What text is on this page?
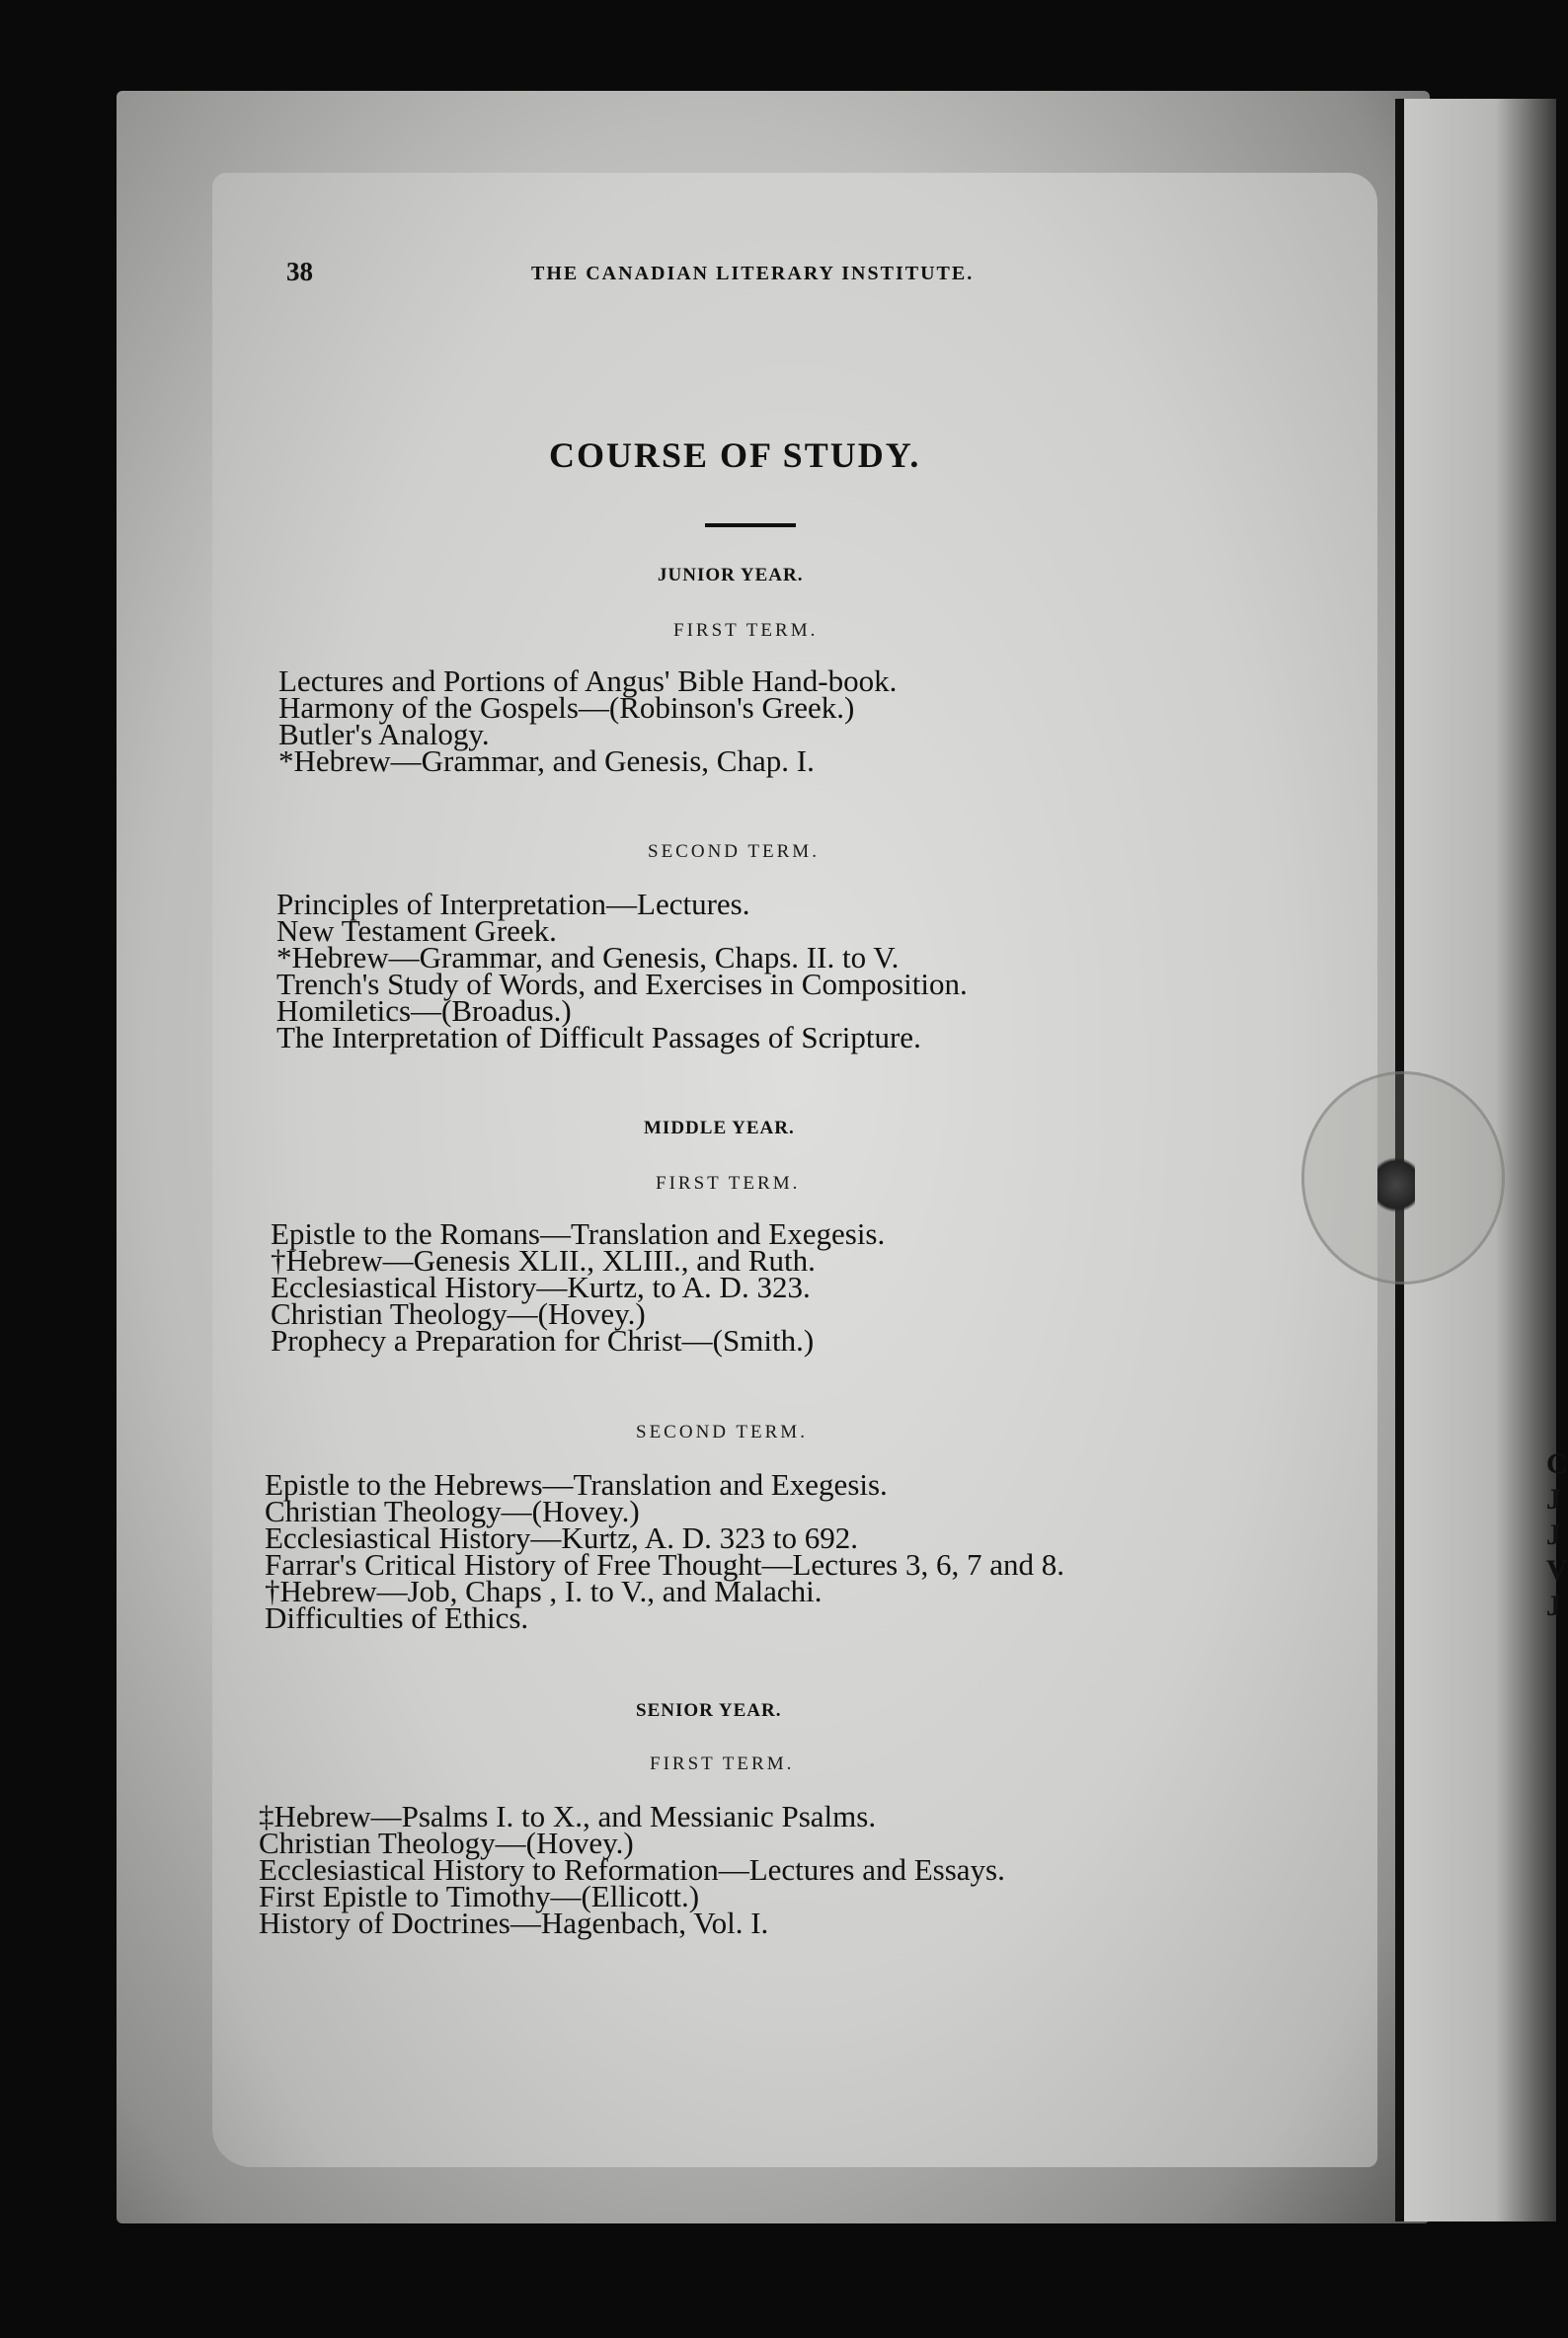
C
J
J
V
J
38	THE CANADIAN LITERARY INSTITUTE.
COURSE OF STUDY.
JUNIOR YEAR.
FIRST TERM.
Lectures and Portions of Angus' Bible Hand-book.
Harmony of the Gospels—(Robinson's Greek.)
Butler's Analogy.
*Hebrew—Grammar, and Genesis, Chap. I.
SECOND TERM.
Principles of Interpretation—Lectures.
New Testament Greek.
*Hebrew—Grammar, and Genesis, Chaps. II. to V.
Trench's Study of Words, and Exercises in Composition.
Homiletics—(Broadus.)
The Interpretation of Difficult Passages of Scripture.
MIDDLE YEAR.
FIRST TERM.
Epistle to the Romans—Translation and Exegesis.
†Hebrew—Genesis XLII., XLIII., and Ruth.
Ecclesiastical History—Kurtz, to A. D. 323.
Christian Theology—(Hovey.)
Prophecy a Preparation for Christ—(Smith.)
SECOND TERM.
Epistle to the Hebrews—Translation and Exegesis.
Christian Theology—(Hovey.)
Ecclesiastical History—Kurtz, A. D. 323 to 692.
Farrar's Critical History of Free Thought—Lectures 3, 6, 7 and 8.
†Hebrew—Job, Chaps , I. to V., and Malachi.
Difficulties of Ethics.
SENIOR YEAR.
FIRST TERM.
‡Hebrew—Psalms I. to X., and Messianic Psalms.
Christian Theology—(Hovey.)
Ecclesiastical History to Reformation—Lectures and Essays.
First Epistle to Timothy—(Ellicott.)
History of Doctrines—Hagenbach, Vol. I.
